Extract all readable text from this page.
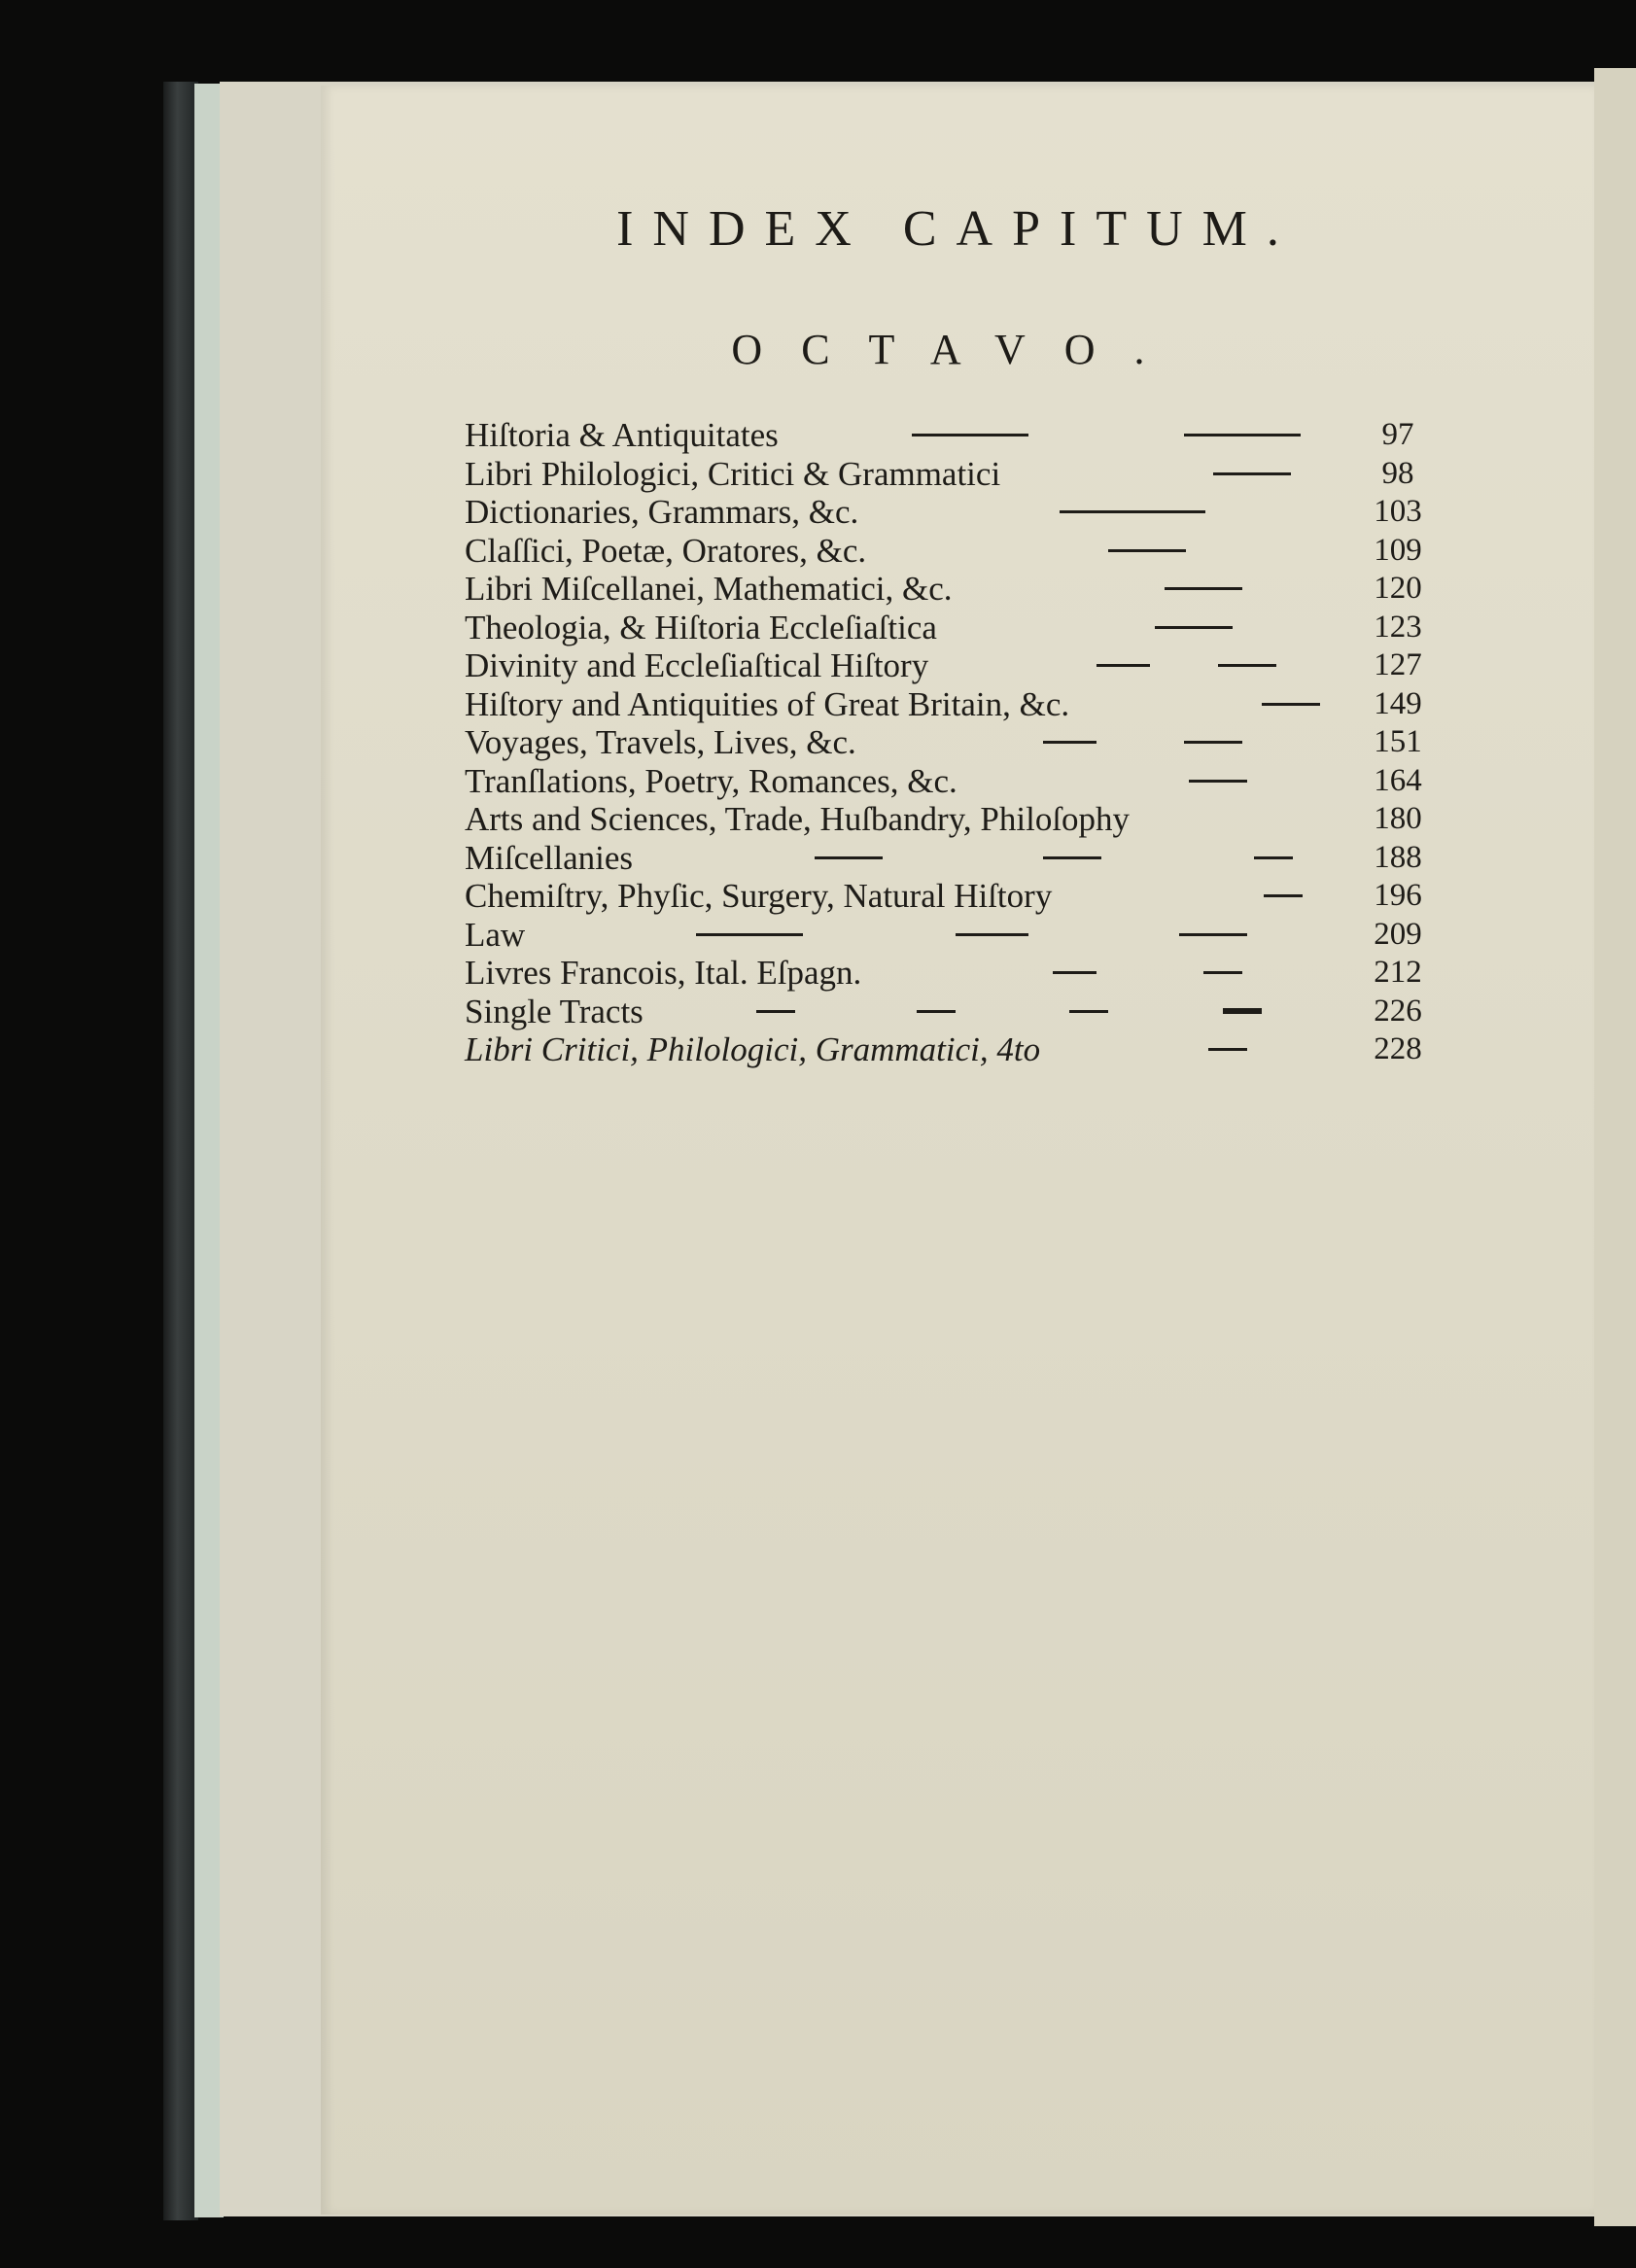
INDEX CAPITUM.
OCTAVO.
Hiſtoria & Antiquitates	97
Libri Philologici, Critici & Grammatici	98
Dictionaries, Grammars, &c.	103
Claſſici, Poetæ, Oratores, &c.	109
Libri Miſcellanei, Mathematici, &c.	120
Theologia, & Hiſtoria Eccleſiaſtica	123
Divinity and Eccleſiaſtical Hiſtory	127
Hiſtory and Antiquities of Great Britain, &c.	149
Voyages, Travels, Lives, &c.	151
Tranſlations, Poetry, Romances, &c.	164
Arts and Sciences, Trade, Huſbandry, Philoſophy	180
Miſcellanies	188
Chemiſtry, Phyſic, Surgery, Natural Hiſtory	196
Law	209
Livres Francois, Ital. Eſpagn.	212
Single Tracts	226
Libri Critici, Philologici, Grammatici, 4to	228
